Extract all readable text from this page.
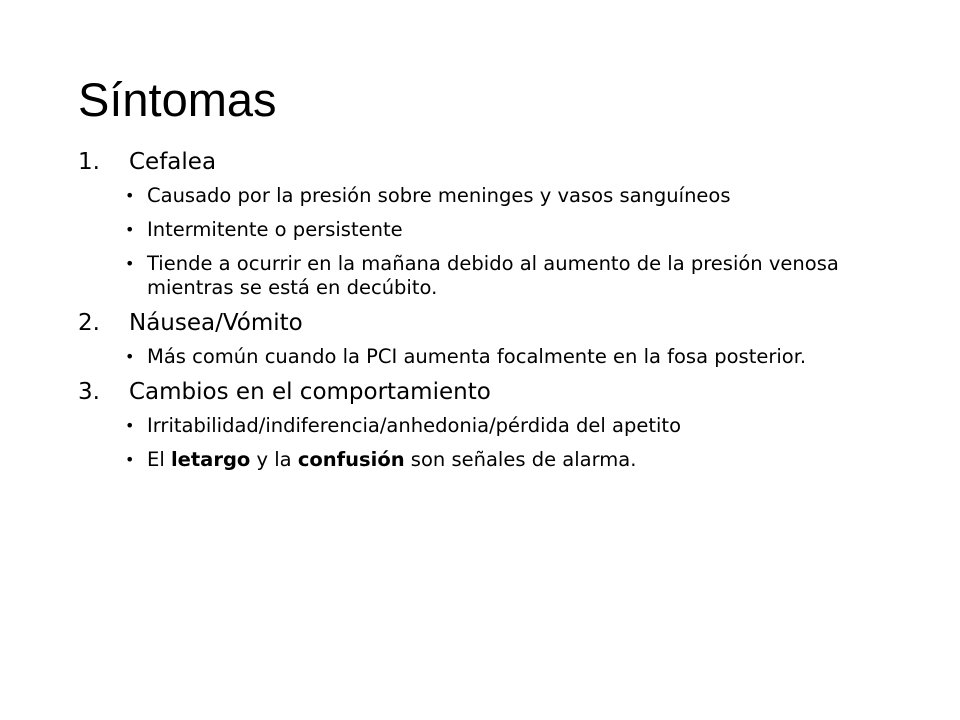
Síntomas
1.	Cefalea
• Causado por la presión sobre meninges y vasos sanguíneos
• Intermitente o persistente
• Tiende a ocurrir en la mañana debido al aumento de la presión venosa mientras se está en decúbito.
2.	Náusea/Vómito
• Más común cuando la PCI aumenta focalmente en la fosa posterior.
3.	Cambios en el comportamiento
• Irritabilidad/indiferencia/anhedonia/pérdida del apetito
• El letargo y la confusión son señales de alarma.
